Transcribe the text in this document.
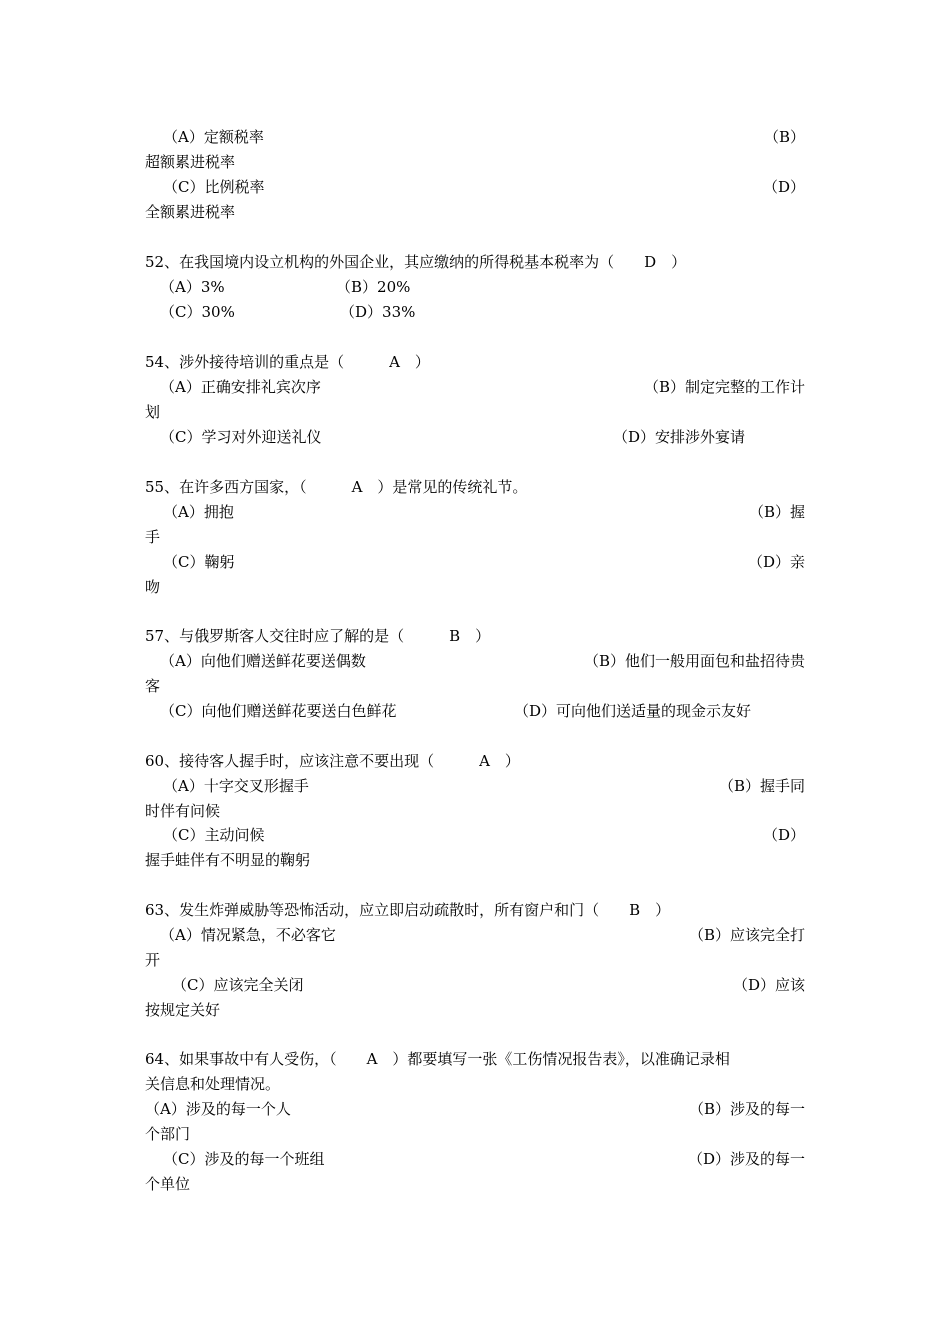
（A）定额税率	（B）
超额累进税率
（C）比例税率	（D）
全额累进税率
52、在我国境内设立机构的外国企业，其应缴纳的所得税基本税率为（　　D　）
（A）3%	（B）20%
（C）30%	（D）33%
54、涉外接待培训的重点是（　　　A　）
（A）正确安排礼宾次序	（B）制定完整的工作计
划
（C）学习对外迎送礼仪	（D）安排涉外宴请
55、在许多西方国家，（　　　A　）是常见的传统礼节。
（A）拥抱	（B）握
手
（C）鞠躬	（D）亲
吻
57、与俄罗斯客人交往时应了解的是（　　　B　）
（A）向他们赠送鲜花要送偶数	（B）他们一般用面包和盐招待贵
客
（C）向他们赠送鲜花要送白色鲜花	（D）可向他们送适量的现金示友好
60、接待客人握手时，应该注意不要出现（　　　A　）
（A）十字交叉形握手	（B）握手同
时伴有问候
（C）主动问候	（D）
握手蛙伴有不明显的鞠躬
63、发生炸弹威胁等恐怖活动，应立即启动疏散时，所有窗户和门（　　B　）
（A）情况紧急，不必客它	（B）应该完全打
开
（C）应该完全关闭	（D）应该
按规定关好
64、如果事故中有人受伤，（　　A　）都要填写一张《工伤情况报告表》，以准确记录相
关信息和处理情况。
（A）涉及的每一个人	（B）涉及的每一
个部门
（C）涉及的每一个班组	（D）涉及的每一
个单位
